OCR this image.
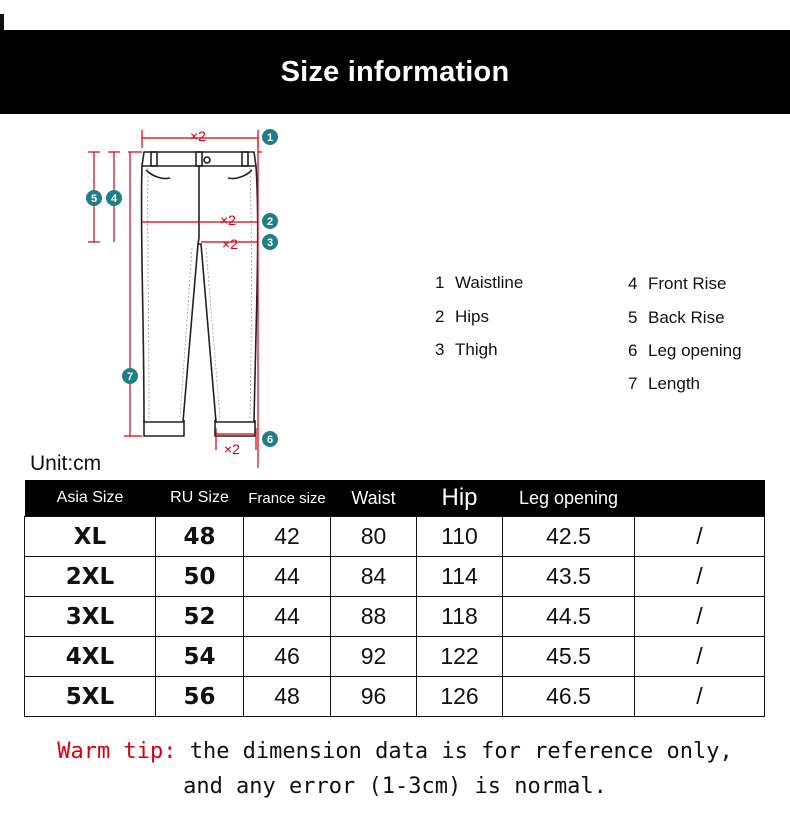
Size information
×2
×2
×2
×2
1
2
3
4
5
6
7
1 Waistline
2 Hips
3 Thigh
4 Front Rise
5 Back Rise
6 Leg opening
7 Length
Unit:cm
Asia Size	RU Size	France size	Waist	Hip	Leg opening	
XL	48	42	80	110	42.5	/
2XL	50	44	84	114	43.5	/
3XL	52	44	88	118	44.5	/
4XL	54	46	92	122	45.5	/
5XL	56	48	96	126	46.5	/
Warm tip: the dimension data is for reference only,
and any error (1-3cm) is normal.
